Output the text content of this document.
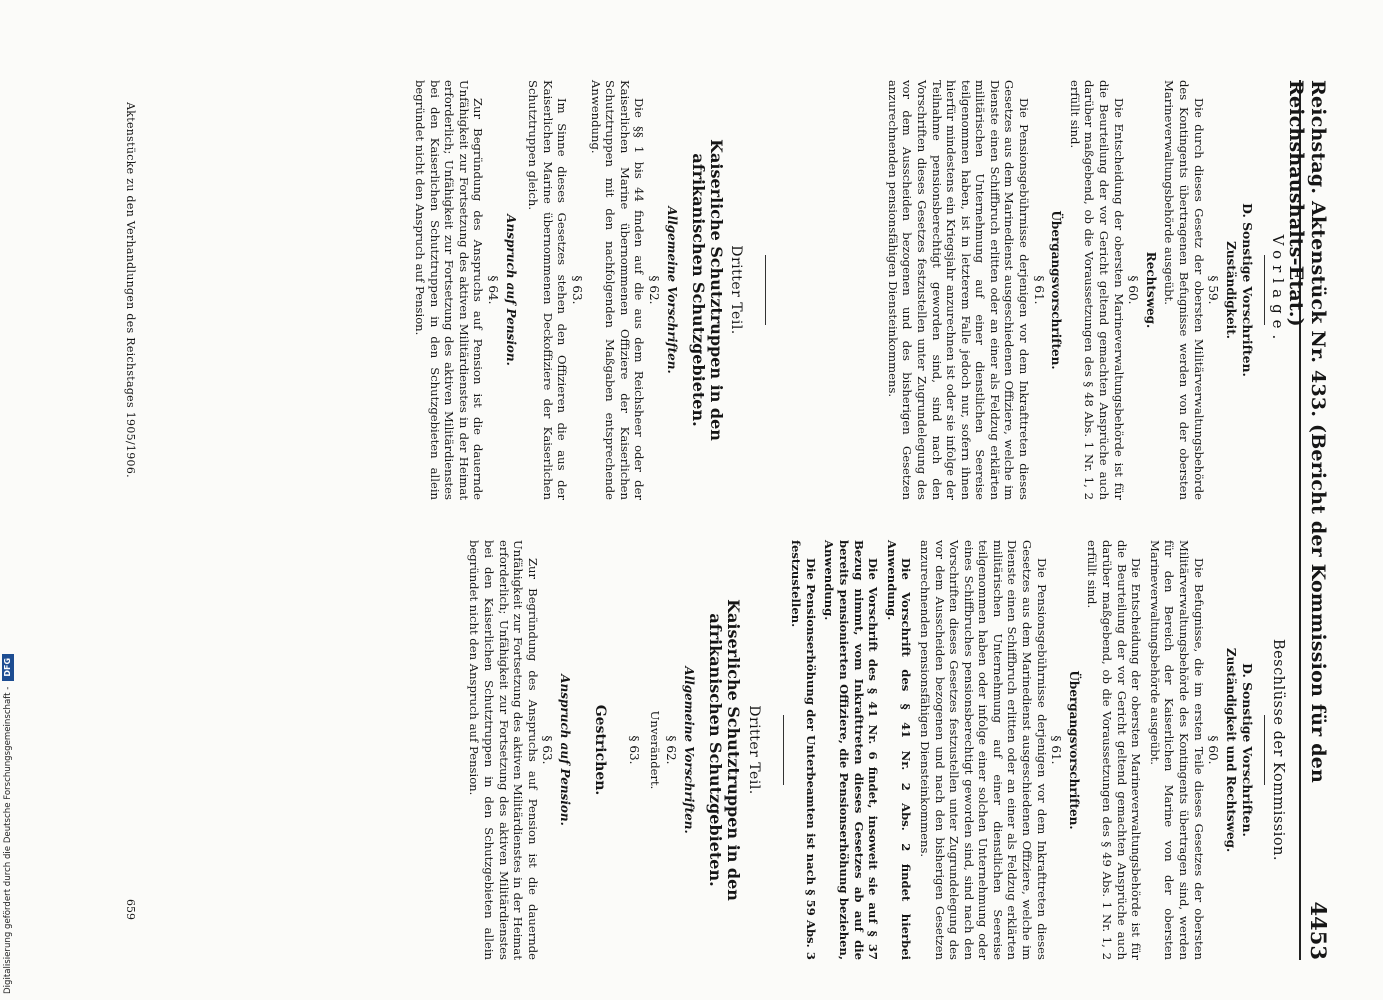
Reichstag. Aktenstück Nr. 433. (Bericht der Kommission für den Reichshaushalts-Etat.)
4453
Vorlage.
D. Sonstige Vorschriften.
Zuständigkeit.
§ 59.

Die durch dieses Gesetz der obersten Militärverwaltungsbehörde des Kontingents übertragenen Befugnisse werden von der obersten Marineverwaltungsbehörde ausgeübt.

Rechtsweg.
§ 60.

Die Entscheidung der obersten Marineverwaltungsbehörde ist für die Beurteilung der vor Gericht geltend gemachten Ansprüche auch darüber maßgebend, ob die Voraussetzungen des § 48 Abs. 1 Nr. 1, 2 erfüllt sind.

Übergangsvorschriften.
§ 61.

Die Pensionsgebührnisse derjenigen vor dem Inkrafttreten dieses Gesetzes aus dem Marinedienst ausgeschiedenen Offiziere, welche im Dienste einen Schiffbruch erlitten oder an einer als Feldzug erklärten militärischen Unternehmung auf einer dienstlichen Seereise teilgenommen haben, ist in letzterem Falle jedoch nur, sofern ihnen hierfür mindestens ein Kriegsjahr anzurechnen ist oder sie infolge der Teilnahme pensionsberechtigt geworden sind, sind nach den Vorschriften dieses Gesetzes festzustellen unter Zugrundelegung des vor dem Ausscheiden bezogenen und des bisherigen Gesetzen anzurechnenden pensionsfähigen Diensteinkommens.

Dritter Teil.
Kaiserliche Schutztruppen in den afrikanischen Schutzgebieten.
Allgemeine Vorschriften.
§ 62.

Die §§ 1 bis 44 finden auf die aus dem Reichsheer oder der Kaiserlichen Marine übernommenen Offiziere der Kaiserlichen Schutztruppen mit den nachfolgenden Maßgaben entsprechende Anwendung.

§ 63.

Im Sinne dieses Gesetzes stehen den Offizieren die aus der Kaiserlichen Marine übernommenen Deckoffiziere der Kaiserlichen Schutztruppen gleich.

Anspruch auf Pension.
§ 64.

Zur Begründung des Anspruchs auf Pension ist die dauernde Unfähigkeit zur Fortsetzung des aktiven Militärdienstes in der Heimat erforderlich; Unfähigkeit zur Fortsetzung des aktiven Militärdienstes bei den Kaiserlichen Schutztruppen in den Schutzgebieten allein begründet nicht den Anspruch auf Pension.

Aktenstücke zu den Verhandlungen des Reichstages 1905/1906.
Beschlüsse der Kommission.
D. Sonstige Vorschriften.
Zuständigkeit und Rechtsweg.
§ 60.

Die Befugnisse, die im ersten Teile dieses Gesetzes der obersten Militärverwaltungsbehörde des Kontingents übertragen sind, werden für den Bereich der Kaiserlichen Marine von der obersten Marineverwaltungsbehörde ausgeübt.

Die Entscheidung der obersten Marineverwaltungsbehörde ist für die Beurteilung der vor Gericht geltend gemachten Ansprüche auch darüber maßgebend, ob die Voraussetzungen des § 49 Abs. 1 Nr. 1, 2 erfüllt sind.

Übergangsvorschriften.
§ 61.

Die Pensionsgebührnisse derjenigen vor dem Inkrafttreten dieses Gesetzes aus dem Marinedienst ausgeschiedenen Offiziere, welche im Dienste einen Schiffbruch erlitten oder an einer als Feldzug erklärten militärischen Unternehmung auf einer dienstlichen Seereise teilgenommen haben oder infolge einer solchen Unternehmung oder eines Schiffbruches pensionsberechtigt geworden sind, sind nach den Vorschriften dieses Gesetzes festzustellen unter Zugrundelegung des vor dem Ausscheiden bezogenen und nach den bisherigen Gesetzen anzurechnenden pensionsfähigen Diensteinkommens.

Die Vorschrift des § 41 Nr. 2 Abs. 2 findet hierbei Anwendung.

Die Vorschrift des § 41 Nr. 6 findet, insoweit sie auf § 37 Bezug nimmt, vom Inkrafttreten dieses Gesetzes ab auf die bereits pensionierten Offiziere, die Pensionserhöhung beziehen, Anwendung.

Die Pensionserhöhung der Unterbeamten ist nach § 59 Abs. 3 festzustellen.

Dritter Teil.
Kaiserliche Schutztruppen in den afrikanischen Schutzgebieten.
Allgemeine Vorschriften.
§ 62.
Unverändert.
§ 63.
Gestrichen.
Anspruch auf Pension.
§ 63.

Zur Begründung des Anspruchs auf Pension ist die dauernde Unfähigkeit zur Fortsetzung des aktiven Militärdienstes in der Heimat erforderlich; Unfähigkeit zur Fortsetzung des aktiven Militärdienstes bei den Kaiserlichen Schutztruppen in den Schutzgebieten allein begründet nicht den Anspruch auf Pension.

659
Digitalisierung gefördert durch die Deutsche Forschungsgemeinschaft -
DFG
